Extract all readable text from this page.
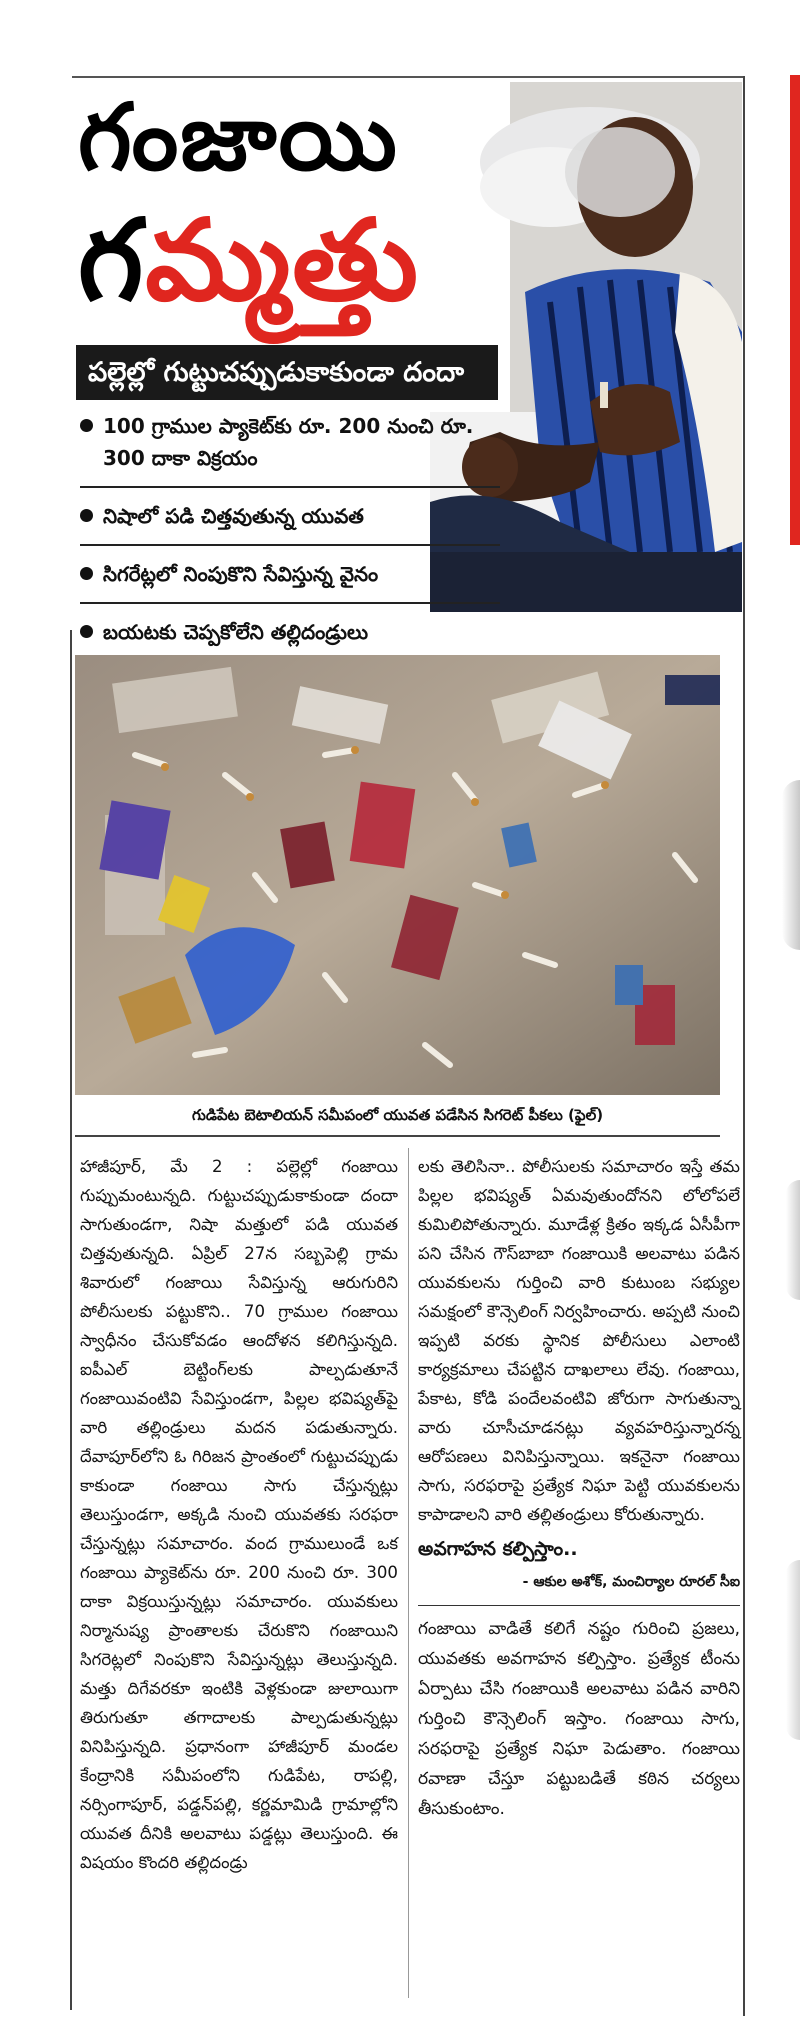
గంజాయి
గమ్మత్తు
పల్లెల్లో గుట్టుచప్పుడుకాకుండా దందా
100 గ్రాముల ప్యాకెట్‌కు రూ. 200 నుంచి రూ. 300 దాకా విక్రయం
నిషాలో పడి చిత్తవుతున్న యువత
సిగరేట్లలో నింపుకొని సేవిస్తున్న వైనం
బయటకు చెప్పకోలేని తల్లిదండ్రులు
గుడిపేట బెటాలియన్ సమీపంలో యువత పడేసిన సిగరెట్ పీకలు (ఫైల్)

హాజీపూర్, మే 2 : పల్లెల్లో గంజాయి గుప్పుమంటున్నది. గుట్టుచప్పుడుకాకుండా దందా సాగుతుండగా, నిషా మత్తులో పడి యువత చిత్తవుతున్నది. ఏప్రిల్ 27న సబ్బపెల్లి గ్రామ శివారులో గంజాయి సేవిస్తున్న ఆరుగురిని పోలీసులకు పట్టుకొని.. 70 గ్రాముల గంజాయి స్వాధీనం చేసుకోవడం ఆందోళన కలిగిస్తున్నది. ఐపీఎల్ బెట్టింగ్‌లకు పాల్పడుతూనే గంజాయివంటివి సేవిస్తుండగా, పిల్లల భవిష్యత్‌పై వారి తల్లిండ్రులు మదన పడుతున్నారు. దేవాపూర్‌లోని ఓ గిరిజన ప్రాంతంలో గుట్టుచప్పుడు కాకుండా గంజాయి సాగు చేస్తున్నట్లు తెలుస్తుండగా, అక్కడి నుంచి యువతకు సరఫరా చేస్తున్నట్లు సమాచారం. వంద గ్రాములుండే ఒక గంజాయి ప్యాకెట్‌ను రూ. 200 నుంచి రూ. 300 దాకా విక్రయిస్తున్నట్లు సమాచారం. యువకులు నిర్మానుష్య ప్రాంతాలకు చేరుకొని గంజాయిని సిగరెట్లలో నింపుకొని సేవిస్తున్నట్లు తెలుస్తున్నది. మత్తు దిగేవరకూ ఇంటికి వెళ్లకుండా జులాయిగా తిరుగుతూ తగాదాలకు పాల్పడుతున్నట్లు వినిపిస్తున్నది. ప్రధానంగా హాజీపూర్ మండల కేంద్రానికి సమీపంలోని గుడిపేట, రాపల్లి, నర్సింగాపూర్, పడ్డన్‌పల్లి, కర్ణమామిడి గ్రామాల్లోని యువత దీనికి అలవాటు పడ్డట్లు తెలుస్తుంది. ఈ విషయం కొందరి తల్లిదండ్రు

లకు తెలిసినా.. పోలీసులకు సమాచారం ఇస్తే తమ పిల్లల భవిష్యత్ ఏమవుతుందోనని లోలోపలే కుమిలిపోతున్నారు. మూడేళ్ల క్రితం ఇక్కడ ఏసీపీగా పని చేసిన గౌస్‌బాబా గంజాయికి అలవాటు పడిన యువకులను గుర్తించి వారి కుటుంబ సభ్యుల సమక్షంలో కౌన్సెలింగ్ నిర్వహించారు. అప్పటి నుంచి ఇప్పటి వరకు స్థానిక పోలీసులు ఎలాంటి కార్యక్రమాలు చేపట్టిన దాఖలాలు లేవు. గంజాయి, పేకాట, కోడి పందేలవంటివి జోరుగా సాగుతున్నా వారు చూసీచూడనట్లు వ్యవహరిస్తున్నారన్న ఆరోపణలు వినిపిస్తున్నాయి. ఇకనైనా గంజాయి సాగు, సరఫరాపై ప్రత్యేక నిఘా పెట్టి యువకులను కాపాడాలని వారి తల్లితండ్రులు కోరుతున్నారు.

అవగాహన కల్పిస్తాం..
- ఆకుల అశోక్, మంచిర్యాల రూరల్ సీఐ
గంజాయి వాడితే కలిగే నష్టం గురించి ప్రజలు, యువతకు అవగాహన కల్పిస్తాం. ప్రత్యేక టీంను ఏర్పాటు చేసి గంజాయికి అలవాటు పడిన వారిని గుర్తించి కౌన్సెలింగ్ ఇస్తాం. గంజాయి సాగు, సరఫరాపై ప్రత్యేక నిఘా పెడుతాం. గంజాయి రవాణా చేస్తూ పట్టుబడితే కఠిన చర్యలు తీసుకుంటాం.
